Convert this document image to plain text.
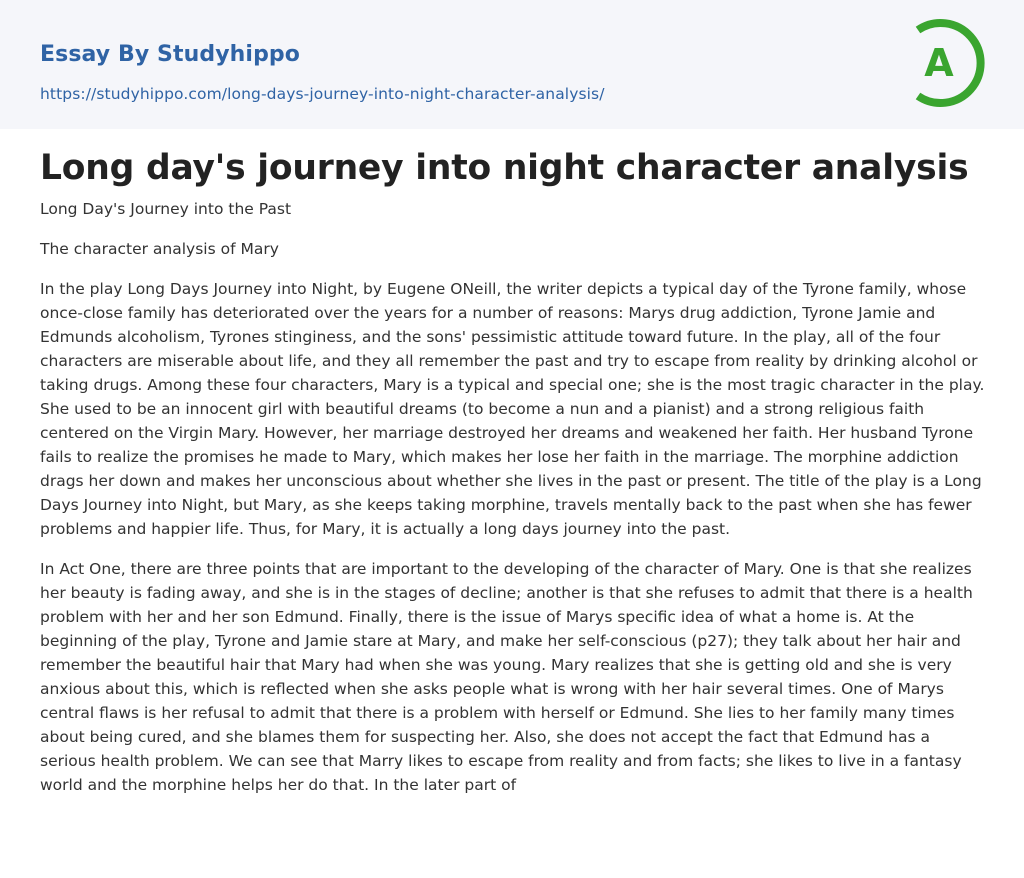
Essay By Studyhippo
https://studyhippo.com/long-days-journey-into-night-character-analysis/
A
Long day's journey into night character analysis

Long Day's Journey into the Past

The character analysis of Mary

In the play Long Days Journey into Night, by Eugene ONeill, the writer depicts a typical day of the Tyrone family, whose once-close family has deteriorated over the years for a number of reasons: Marys drug addiction, Tyrone Jamie and Edmunds alcoholism, Tyrones stinginess, and the sons' pessimistic attitude toward future. In the play, all of the four characters are miserable about life, and they all remember the past and try to escape from reality by drinking alcohol or taking drugs. Among these four characters, Mary is a typical and special one; she is the most tragic character in the play. She used to be an innocent girl with beautiful dreams (to become a nun and a pianist) and a strong religious faith centered on the Virgin Mary. However, her marriage destroyed her dreams and weakened her faith. Her husband Tyrone fails to realize the promises he made to Mary, which makes her lose her faith in the marriage. The morphine addiction drags her down and makes her unconscious about whether she lives in the past or present. The title of the play is a Long Days Journey into Night, but Mary, as she keeps taking morphine, travels mentally back to the past when she has fewer problems and happier life. Thus, for Mary, it is actually a long days journey into the past.

In Act One, there are three points that are important to the developing of the character of Mary. One is that she realizes her beauty is fading away, and she is in the stages of decline; another is that she refuses to admit that there is a health problem with her and her son Edmund. Finally, there is the issue of Marys specific idea of what a home is. At the beginning of the play, Tyrone and Jamie stare at Mary, and make her self-conscious (p27); they talk about her hair and remember the beautiful hair that Mary had when she was young. Mary realizes that she is getting old and she is very anxious about this, which is reflected when she asks people what is wrong with her hair several times. One of Marys central flaws is her refusal to admit that there is a problem with herself or Edmund. She lies to her family many times about being cured, and she blames them for suspecting her. Also, she does not accept the fact that Edmund has a serious health problem. We can see that Marry likes to escape from reality and from facts; she likes to live in a fantasy world and the morphine helps her do that. In the later part of
